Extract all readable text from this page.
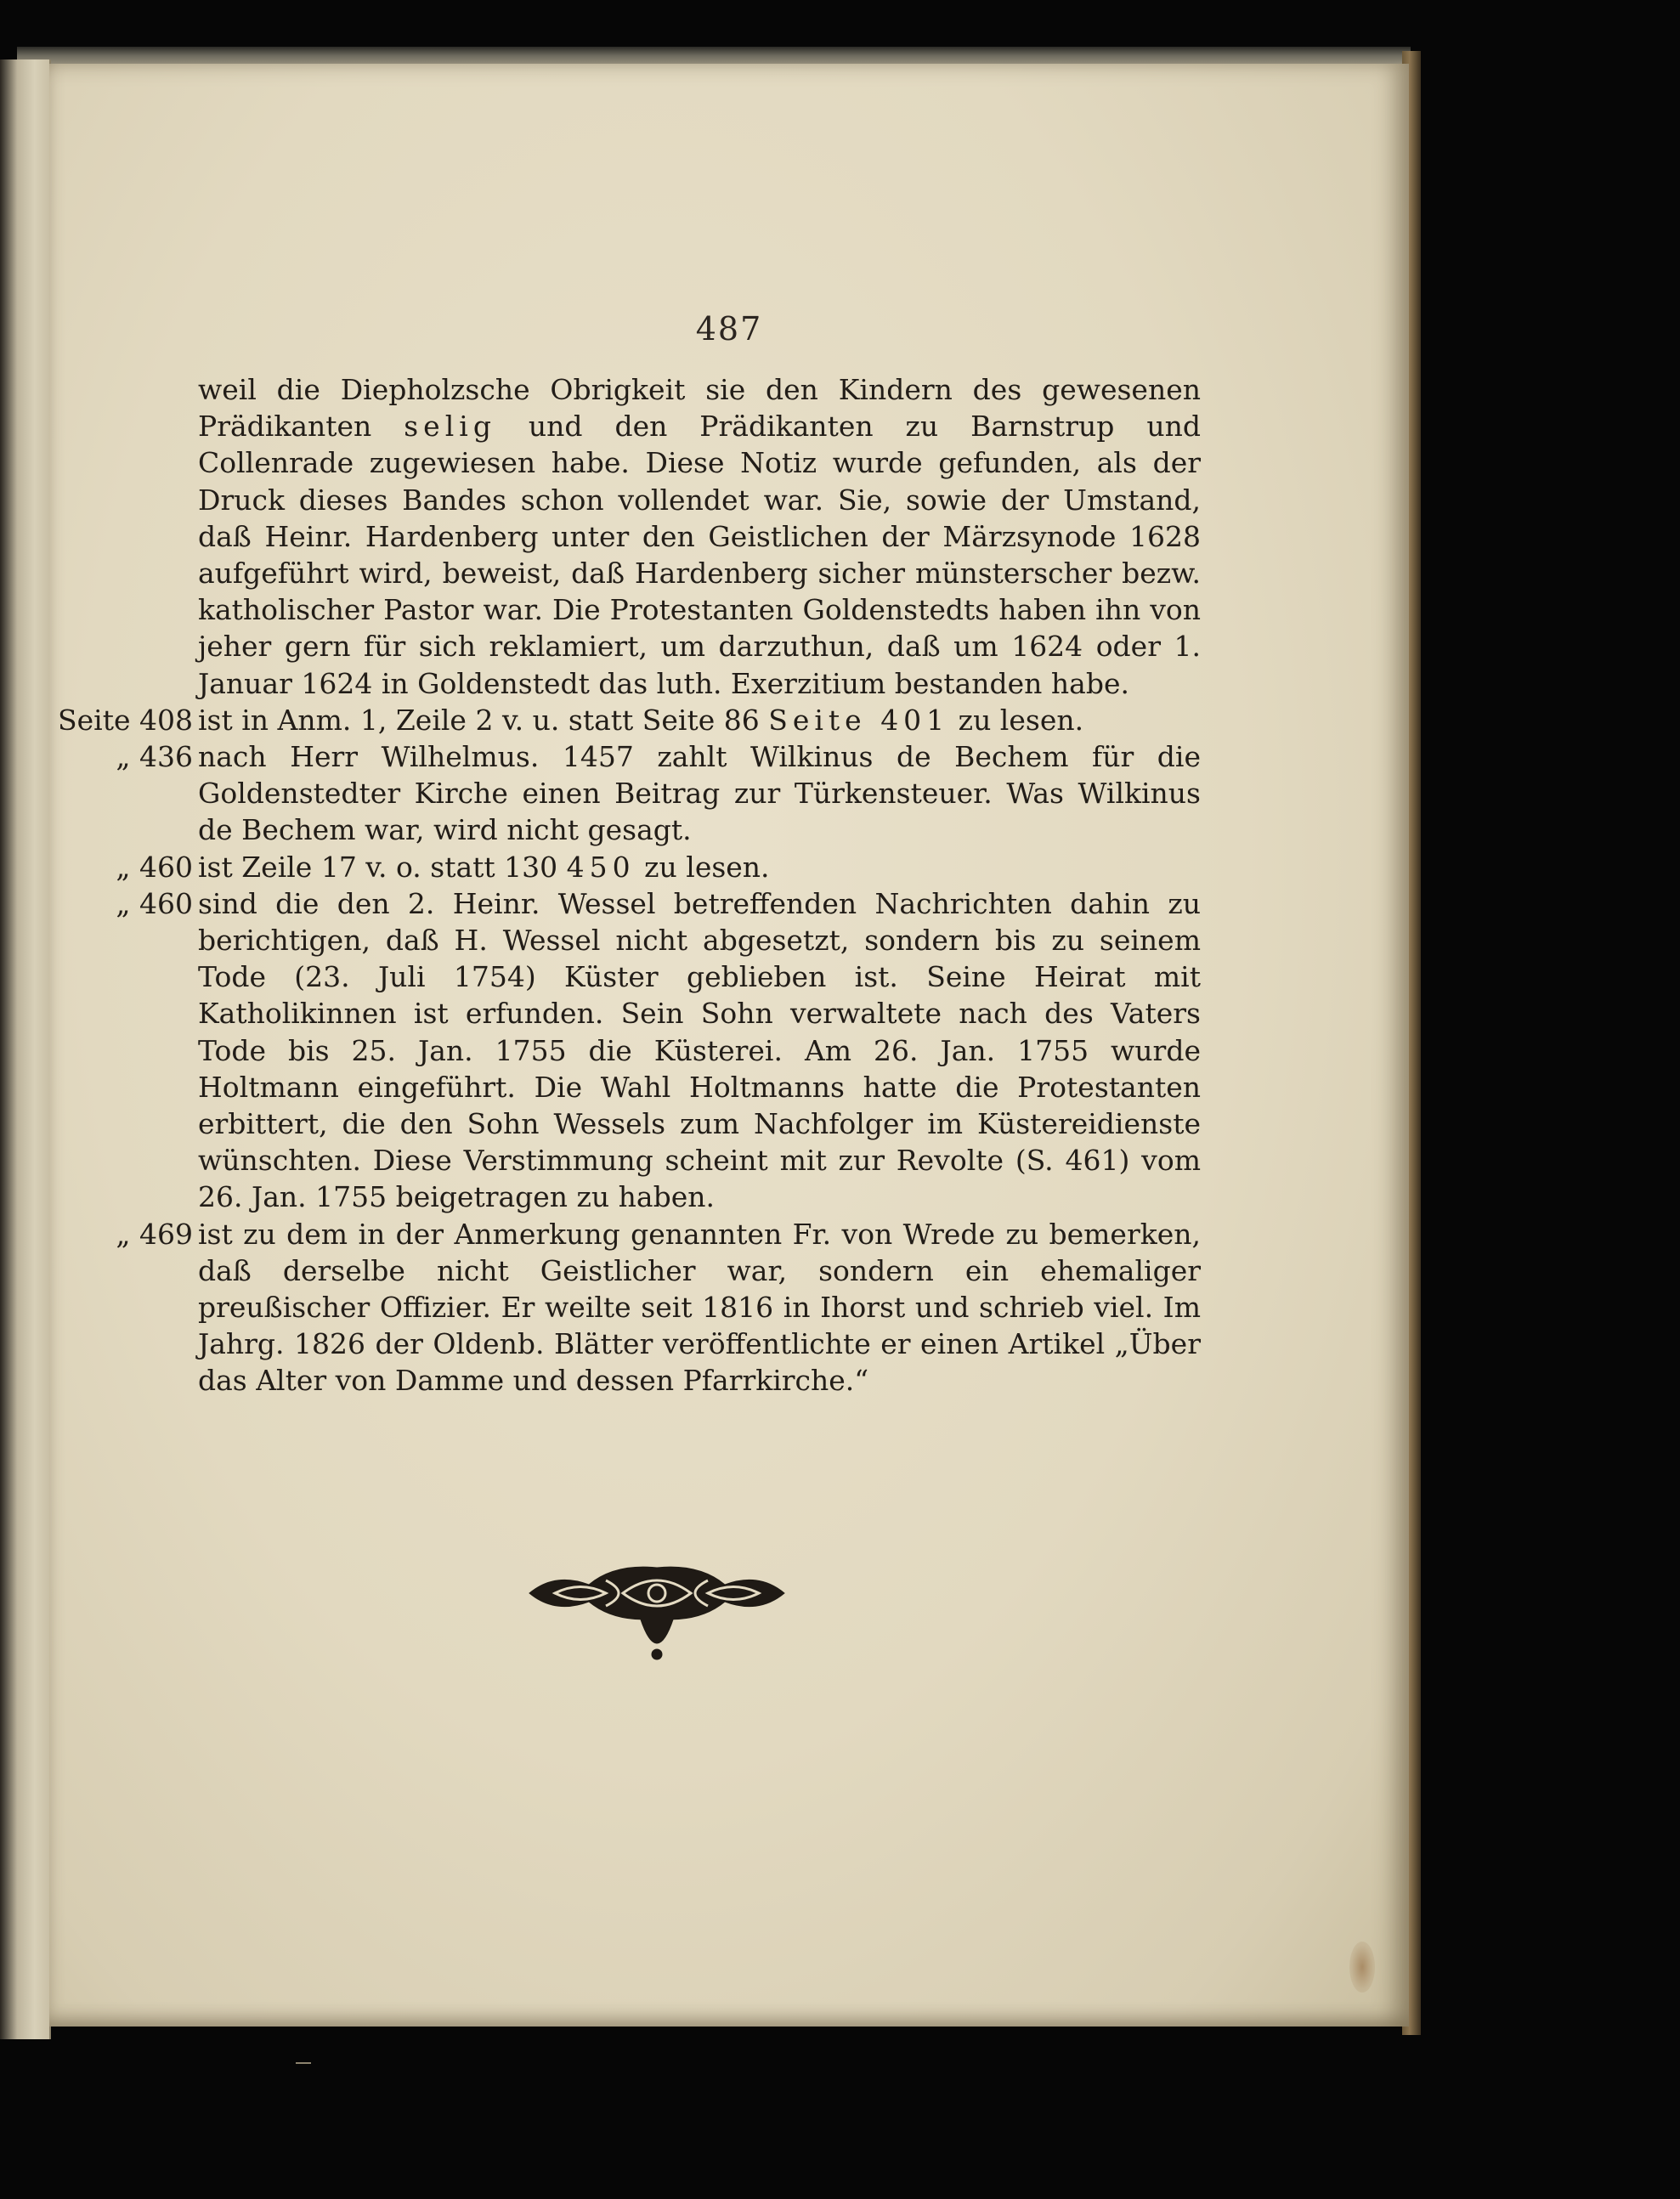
487
weil die Diepholzsche Obrigkeit sie den Kindern des gewesenen Prädikanten selig und den Prädikanten zu Barnstrup und Collenrade zugewiesen habe. Diese Notiz wurde gefunden, als der Druck dieses Bandes schon vollendet war. Sie, sowie der Umstand, daß Heinr. Hardenberg unter den Geistlichen der Märzsynode 1628 aufgeführt wird, beweist, daß Hardenberg sicher münsterscher bezw. katholischer Pastor war. Die Protestanten Goldenstedts haben ihn von jeher gern für sich reklamiert, um darzuthun, daß um 1624 oder 1. Januar 1624 in Goldenstedt das luth. Exerzitium bestanden habe.
Seite 408 ist in Anm. 1, Zeile 2 v. u. statt Seite 86 Seite 401 zu lesen.
„ 436 nach Herr Wilhelmus. 1457 zahlt Wilkinus de Bechem für die Goldenstedter Kirche einen Beitrag zur Türkensteuer. Was Wilkinus de Bechem war, wird nicht gesagt.
„ 460 ist Zeile 17 v. o. statt 130 450 zu lesen.
„ 460 sind die den 2. Heinr. Wessel betreffenden Nachrichten dahin zu berichtigen, daß H. Wessel nicht abgesetzt, sondern bis zu seinem Tode (23. Juli 1754) Küster geblieben ist. Seine Heirat mit Katholikinnen ist erfunden. Sein Sohn verwaltete nach des Vaters Tode bis 25. Jan. 1755 die Küsterei. Am 26. Jan. 1755 wurde Holtmann eingeführt. Die Wahl Holtmanns hatte die Protestanten erbittert, die den Sohn Wessels zum Nachfolger im Küstereidienste wünschten. Diese Verstimmung scheint mit zur Revolte (S. 461) vom 26. Jan. 1755 beigetragen zu haben.
„ 469 ist zu dem in der Anmerkung genannten Fr. von Wrede zu bemerken, daß derselbe nicht Geistlicher war, sondern ein ehemaliger preußischer Offizier. Er weilte seit 1816 in Ihorst und schrieb viel. Im Jahrg. 1826 der Oldenb. Blätter veröffentlichte er einen Artikel „Über das Alter von Damme und dessen Pfarrkirche.“
